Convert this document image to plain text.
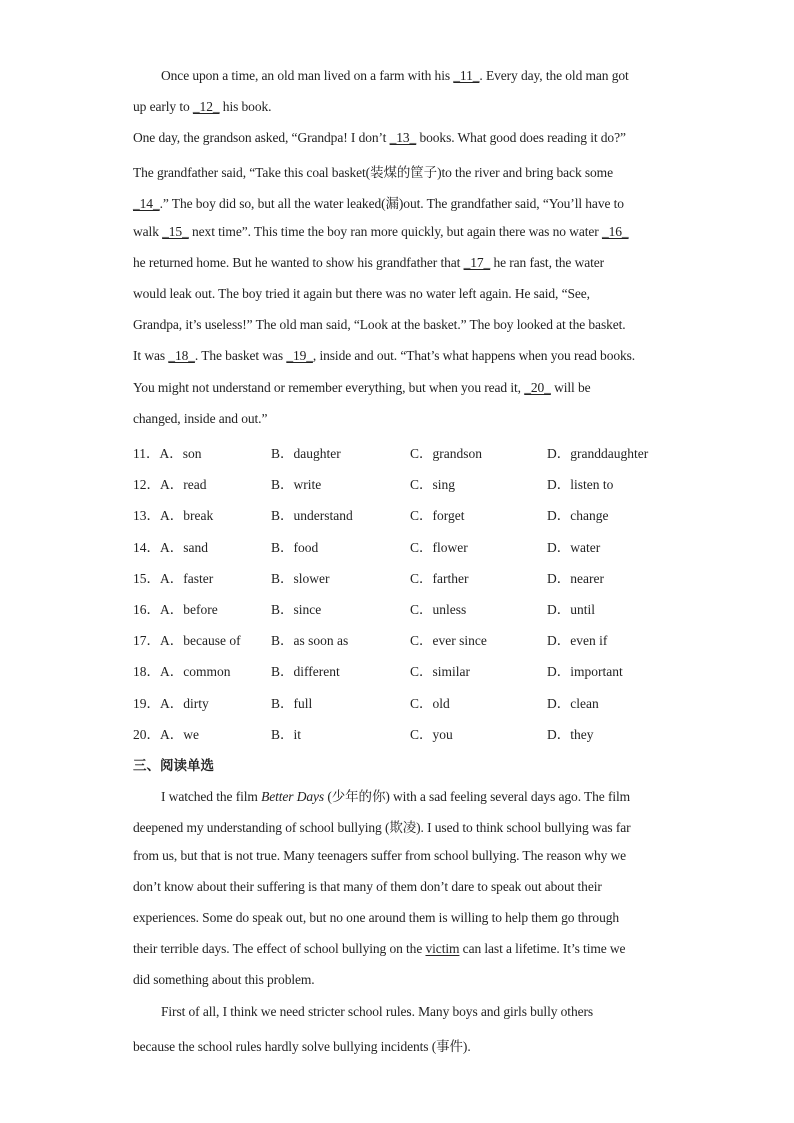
Once upon a time, an old man lived on a farm with his _11_. Every day, the old man got
up early to _12_ his book.
One day, the grandson asked, “Grandpa! I don’t _13_ books. What good does reading it do?”
The grandfather said, “Take this coal basket(装煤的筐子)to the river and bring back some
_14_.” The boy did so, but all the water leaked(漏)out. The grandfather said, “You’ll have to
walk _15_ next time”. This time the boy ran more quickly, but again there was no water _16_
he returned home. But he wanted to show his grandfather that _17_ he ran fast, the water
would leak out. The boy tried it again but there was no water left again. He said, “See,
Grandpa, it’s useless!” The old man said, “Look at the basket.” The boy looked at the basket.
It was _18_. The basket was _19_, inside and out. “That’s what happens when you read books.
You might not understand or remember everything, but when you read it, _20_ will be
changed, inside and out.”
11．A．son	B．daughter	C．grandson	D．granddaughter
12．A．read	B．write	C．sing	D．listen to
13．A．break	B．understand	C．forget	D．change
14．A．sand	B．food	C．flower	D．water
15．A．faster	B．slower	C．farther	D．nearer
16．A．before	B．since	C．unless	D．until
17．A．because of B．as soon as	C．ever since	D．even if
18．A．common	B．different	C．similar	D．important
19．A．dirty	B．full	C．old	D．clean
20．A．we	B．it	C．you	D．they
三、阅读单选
I watched the film Better Days (少年的你) with a sad feeling several days ago. The film
deepened my understanding of school bullying (欺凌). I used to think school bullying was far
from us, but that is not true. Many teenagers suffer from school bullying. The reason why we
don’t know about their suffering is that many of them don’t dare to speak out about their
experiences. Some do speak out, but no one around them is willing to help them go through
their terrible days. The effect of school bullying on the victim can last a lifetime. It’s time we
did something about this problem.
First of all, I think we need stricter school rules. Many boys and girls bully others
because the school rules hardly solve bullying incidents (事件).
